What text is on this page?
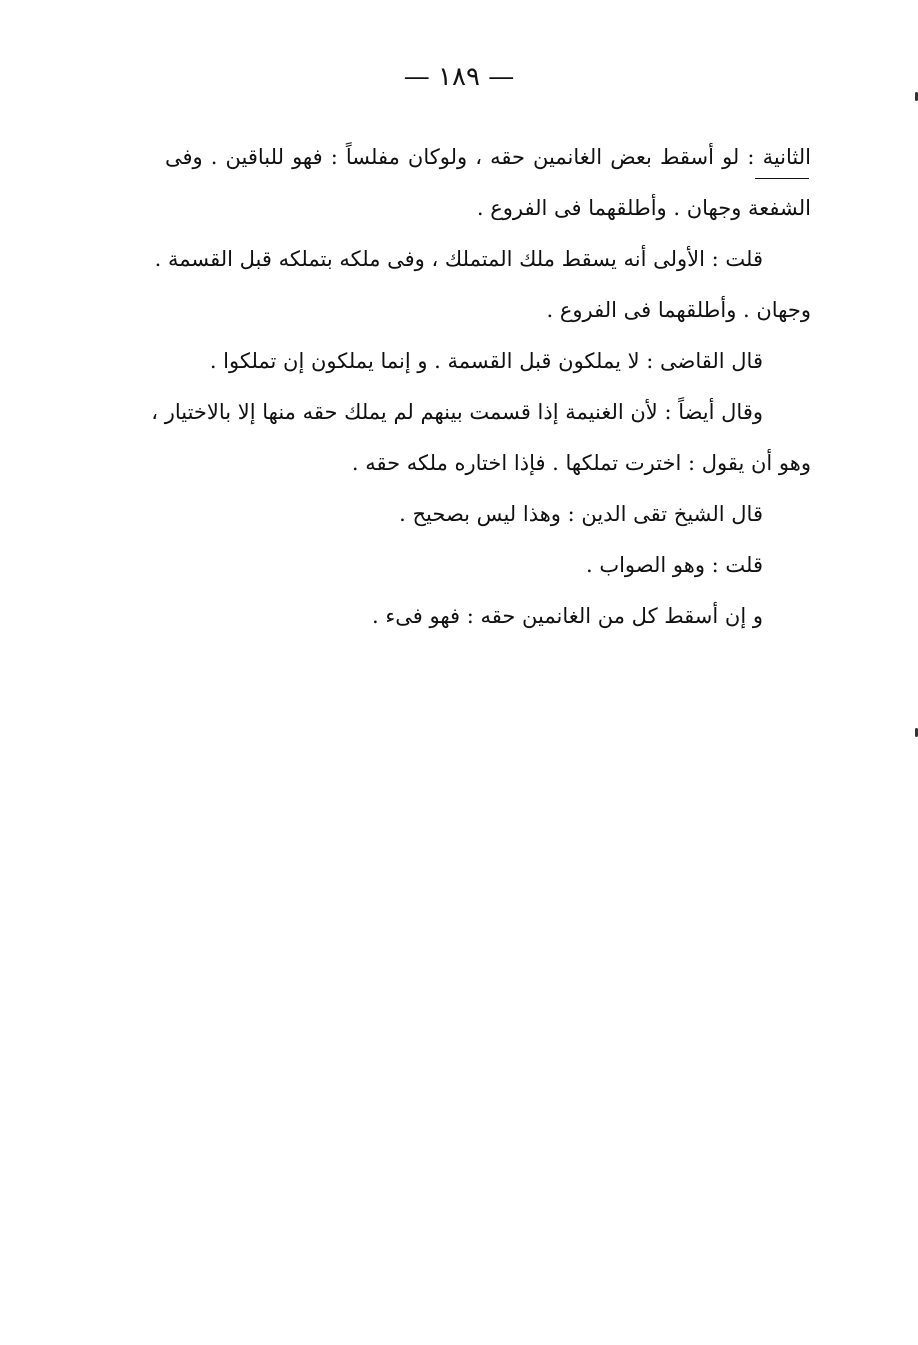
— ١٨٩ —
الثانية
: لو أسقط بعض الغانمين حقه ، ولوكان مفلساً : فهو للباقين . وفى
الشفعة وجهان . وأطلقهما فى الفروع .
قلت : الأولى أنه يسقط ملك المتملك ، وفى ملكه بتملكه قبل القسمة .
وجهان . وأطلقهما فى الفروع .
قال القاضى : لا يملكون قبل القسمة . و إنما يملكون إن تملكوا .
وقال أيضاً : لأن الغنيمة إذا قسمت بينهم لم يملك حقه منها إلا بالاختيار ،
وهو أن يقول : اخترت تملكها . فإذا اختاره ملكه حقه .
قال الشيخ تقى الدين : وهذا ليس بصحيح .
قلت : وهو الصواب .
و إن أسقط كل من الغانمين حقه : فهو فىء .
